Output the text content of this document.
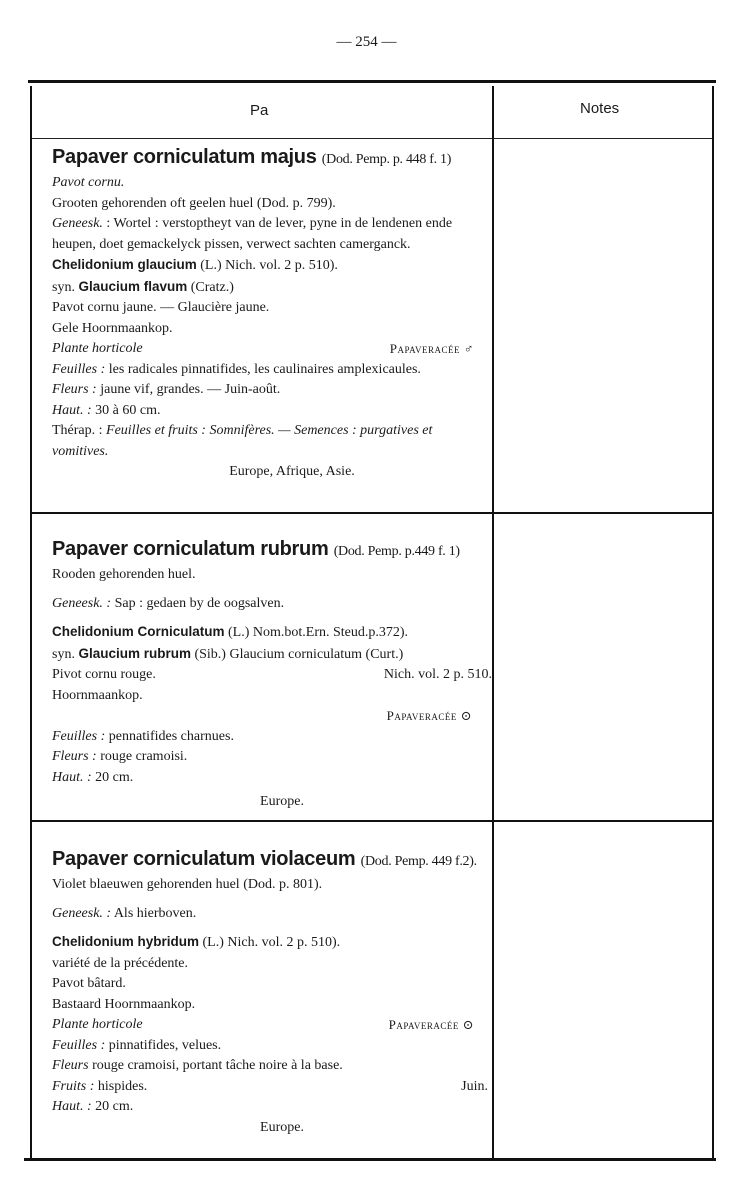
— 254 —
Pa	Notes

Papaver corniculatum majus (Dod. Pemp. p. 448 f. 1)

Pavot cornu.

Grooten gehorenden oft geelen huel (Dod. p. 799).

Geneesk. : Wortel : verstoptheyt van de lever, pyne in de lendenen ende heupen, doet gemackelyck pissen, verwect sachten camerganck.

Chelidonium glaucium (L.) Nich. vol. 2 p. 510).

syn. Glaucium flavum (Cratz.)

Pavot cornu jaune. — Glaucière jaune.

Gele Hoornmaankop.

Plante horticole	Papaveracée ♂

Feuilles : les radicales pinnatifides, les caulinaires amplexicaules.

Fleurs : jaune vif, grandes. — Juin-août.

Haut. : 30 à 60 cm.

Thérap. : Feuilles et fruits : Somnifères. — Semences : purgatives et vomitives.

Europe, Afrique, Asie.

Papaver corniculatum rubrum (Dod. Pemp. p.449 f. 1)

Rooden gehorenden huel.

Geneesk. : Sap : gedaen by de oogsalven.

Chelidonium Corniculatum (L.) Nom.bot.Ern. Steud.p.372).

syn. Glaucium rubrum (Sib.) Glaucium corniculatum (Curt.)

Pivot cornu rouge.	Nich. vol. 2 p. 510.

Hoornmaankop.

Papaveracée ⊙

Feuilles : pennatifides charnues.

Fleurs : rouge cramoisi.

Haut. : 20 cm.

Europe.

Papaver corniculatum violaceum (Dod. Pemp. 449 f.2).

Violet blaeuwen gehorenden huel (Dod. p. 801).

Geneesk. : Als hierboven.

Chelidonium hybridum (L.) Nich. vol. 2 p. 510).

variété de la précédente.

Pavot bâtard.

Bastaard Hoornmaankop.

Plante horticole	Papaveracée ⊙

Feuilles : pinnatifides, velues.

Fleurs rouge cramoisi, portant tâche noire à la base.

Fruits : hispides.	Juin.

Haut. : 20 cm.

Europe.
